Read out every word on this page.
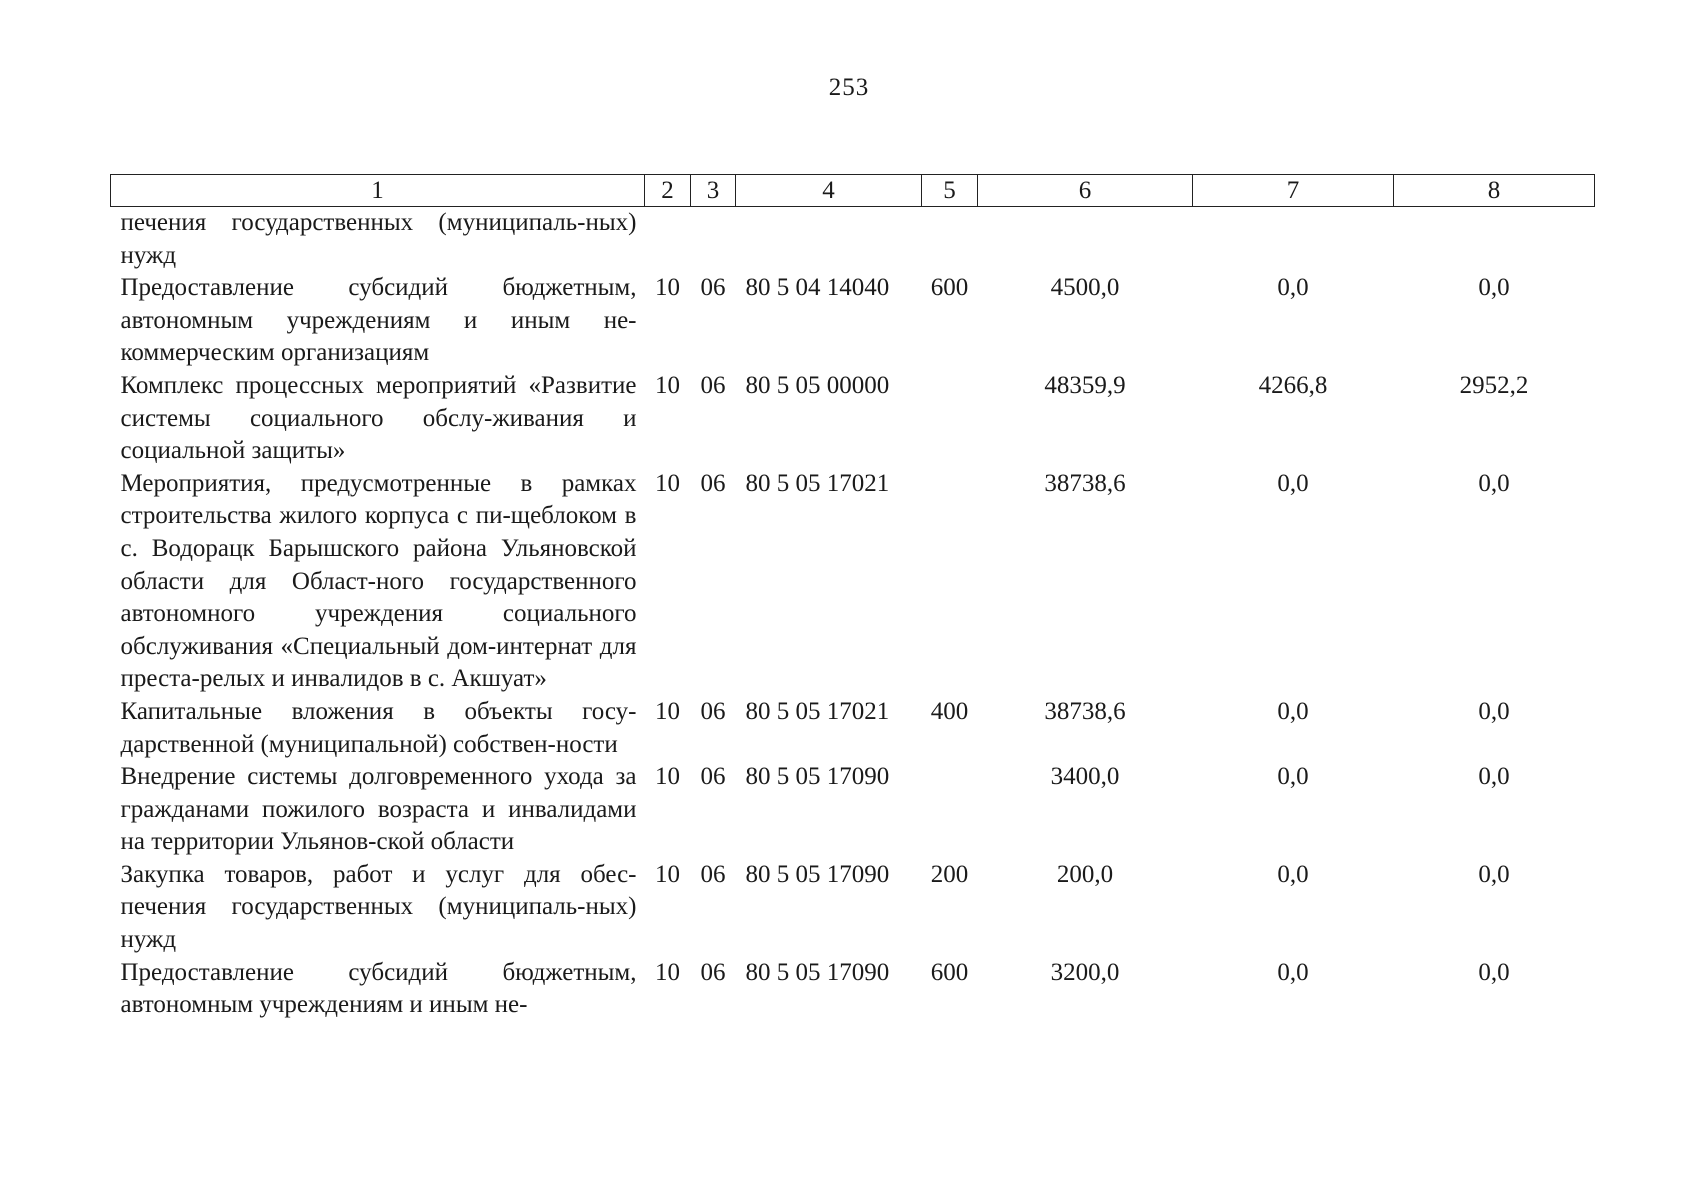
253
1	2	3	4	5	6	7	8
печения государственных (муниципаль-ных) нужд							
Предоставление субсидий бюджетным, автономным учреждениям и иным не-коммерческим организациям	10	06	80 5 04 14040	600	4500,0	0,0	0,0
Комплекс процессных мероприятий «Развитие системы социального обслу-живания и социальной защиты»	10	06	80 5 05 00000		48359,9	4266,8	2952,2
Мероприятия, предусмотренные в рамках строительства жилого корпуса с пи-щеблоком в с. Водорацк Барышского района Ульяновской области для Област-ного государственного автономного учреждения социального обслуживания «Специальный дом-интернат для преста-релых и инвалидов в с. Акшуат»	10	06	80 5 05 17021		38738,6	0,0	0,0
Капитальные вложения в объекты госу-дарственной (муниципальной) собствен-ности	10	06	80 5 05 17021	400	38738,6	0,0	0,0
Внедрение системы долговременного ухода за гражданами пожилого возраста и инвалидами на территории Ульянов-ской области	10	06	80 5 05 17090		3400,0	0,0	0,0
Закупка товаров, работ и услуг для обес-печения государственных (муниципаль-ных) нужд	10	06	80 5 05 17090	200	200,0	0,0	0,0
Предоставление субсидий бюджетным, автономным учреждениям и иным не-	10	06	80 5 05 17090	600	3200,0	0,0	0,0
